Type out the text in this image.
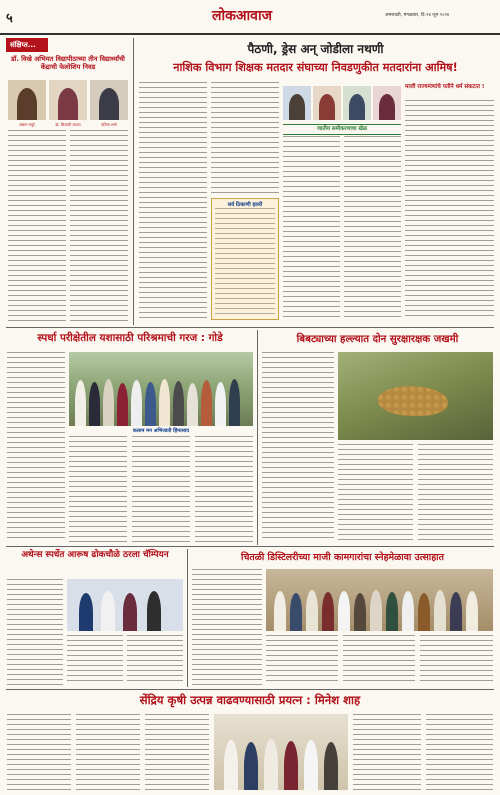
५	लोकआवाज	अमरावती, मंगळवार, दि.२४ जून २०२४
संक्षिप्त...
डॉ. विखे अभिमत विद्यापीठाच्या तीन विद्यार्थ्यांची केंद्राची फेलोशिप निवड
अन्नाम मधुरे	डॉ. शिवाणी जाधव	प्रतिमा शर्मा
पैठणी, ड्रेस अन् जोडीला नथणी
नाशिक विभाग शिक्षक मतदार संघाच्या निवडणुकीत मतदारांना आमिष!
माजी राज्यमंत्र्यांचे पतीने धर्म संकटात !
जातीय समीकरणाचा खेळ
सर्व ठिकाणी हलरी
स्पर्धा परीक्षेतील यशासाठी परिश्रमाची गरज : गोडे
कलाम मन अभिजाती हिंमतराव
बिबट्याच्या हल्ल्यात दोन सुरक्षारक्षक जखमी
अथेन्स स्पर्धेत आरूष ढोकचौळे ठरला चॅम्पियन	चितळी डिस्टिलरीच्या माजी कामगारांचा स्नेहमेळावा उत्साहात
सेंद्रिय कृषी उत्पन्न वाढवण्यासाठी प्रयत्न : मिनेश शाह
